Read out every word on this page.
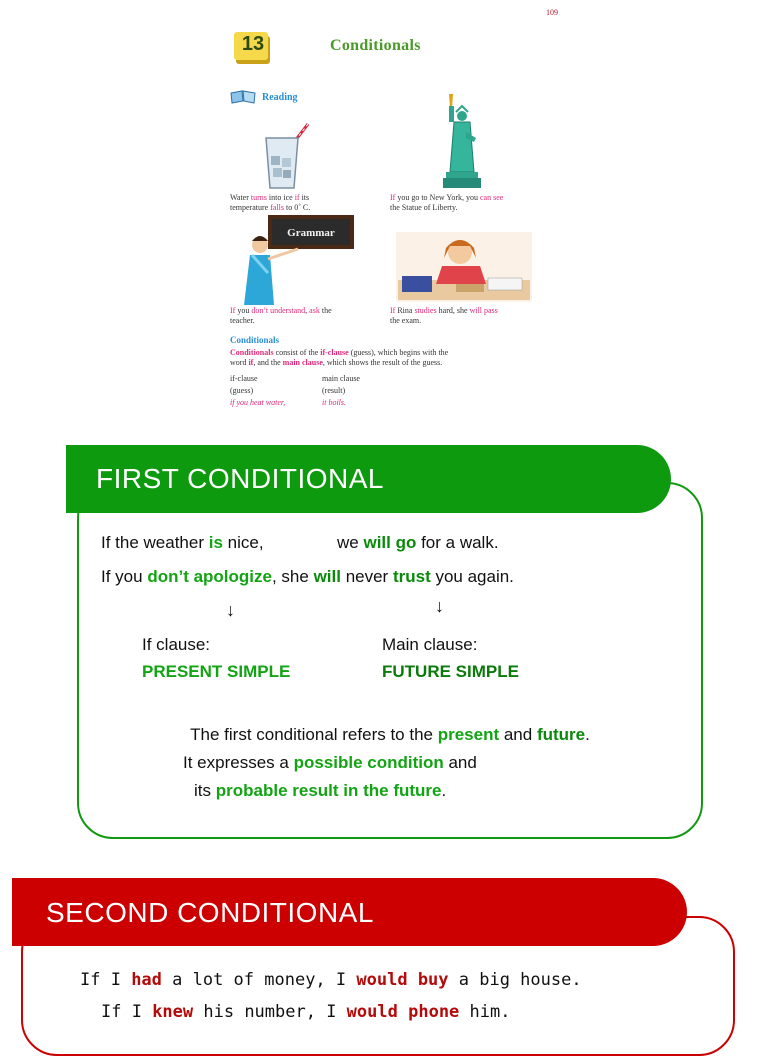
109
13	Conditionals
Reading
Water turns into ice if its
temperature falls to 0˚ C.
If you go to New York, you can see
the Statue of Liberty.
Grammar
If you don’t understand, ask the
teacher.
If Rina studies hard, she will pass
the exam.
Conditionals
Conditionals consist of the if-clause (guess), which begins with the
word if, and the main clause, which shows the result of the guess.
if-clause	main clause
(guess)	(result)
if you heat water,	it boils.
FIRST CONDITIONAL
If the weather is nice,	we will go for a walk.
If you don’t apologize, she will never trust you again.
↓	↓
If clause:	Main clause:
PRESENT SIMPLE	FUTURE SIMPLE
The first conditional refers to the present and future.
It expresses a possible condition and
its probable result in the future.
SECOND CONDITIONAL
If I had a lot of money, I would buy a big house.
If I knew his number, I would phone him.
